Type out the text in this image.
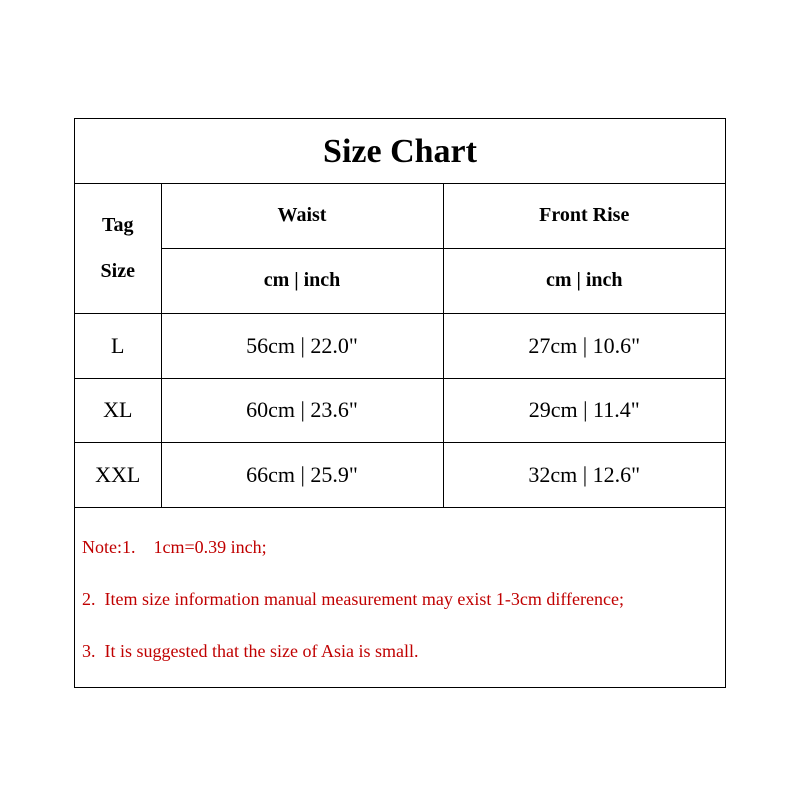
Size Chart
Tag
Size	Waist	Front Rise
	cm | inch	cm | inch
L	56cm | 22.0"	27cm | 10.6"
XL	60cm | 23.6"	29cm | 11.4"
XXL	66cm | 25.9"	32cm | 12.6"
Note:1.    1cm=0.39 inch;
2.  Item size information manual measurement may exist 1-3cm difference;
3.  It is suggested that the size of Asia is small.
